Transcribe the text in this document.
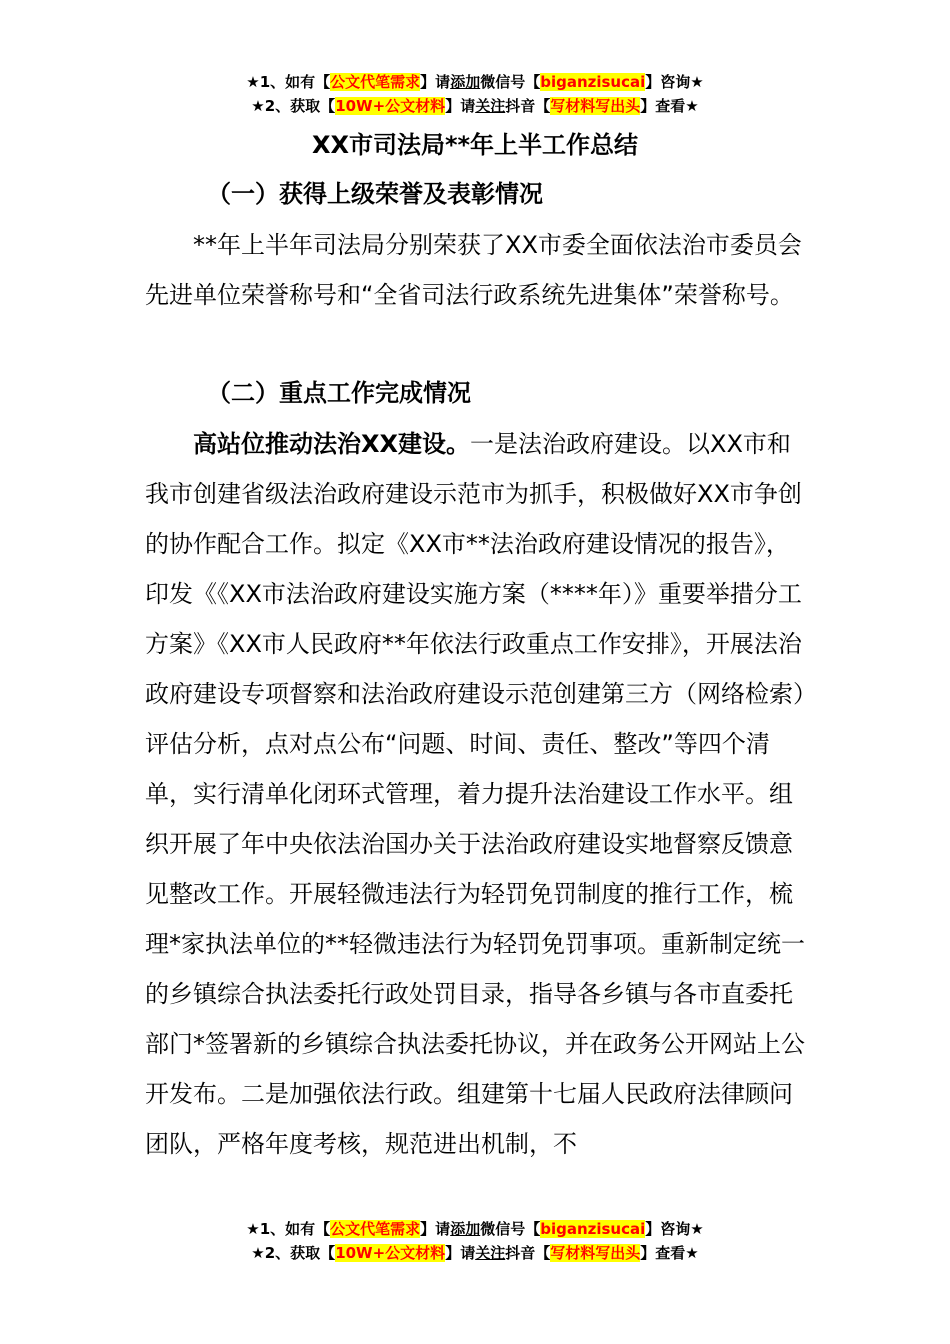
★1、如有【公文代笔需求】请添加微信号【biganzisucai】咨询★
★2、获取【10W+公文材料】请关注抖音【写材料写出头】查看★
XX市司法局**年上半工作总结
（一）获得上级荣誉及表彰情况

**年上半年司法局分别荣获了XX市委全面依法治市委员会先进单位荣誉称号和“全省司法行政系统先进集体”荣誉称号。

（二）重点工作完成情况

高站位推动法治XX建设。一是法治政府建设。以XX市和我市创建省级法治政府建设示范市为抓手，积极做好XX市争创的协作配合工作。拟定《XX市**法治政府建设情况的报告》，印发《《XX市法治政府建设实施方案（****年）》重要举措分工方案》《XX市人民政府**年依法行政重点工作安排》，开展法治政府建设专项督察和法治政府建设示范创建第三方（网络检索）评估分析，点对点公布“问题、时间、责任、整改”等四个清单，实行清单化闭环式管理，着力提升法治建设工作水平。组织开展了年中央依法治国办关于法治政府建设实地督察反馈意见整改工作。开展轻微违法行为轻罚免罚制度的推行工作，梳理*家执法单位的**轻微违法行为轻罚免罚事项。重新制定统一的乡镇综合执法委托行政处罚目录，指导各乡镇与各市直委托部门*签署新的乡镇综合执法委托协议，并在政务公开网站上公开发布。二是加强依法行政。组建第十七届人民政府法律顾问团队，严格年度考核，规范进出机制，不

★1、如有【公文代笔需求】请添加微信号【biganzisucai】咨询★
★2、获取【10W+公文材料】请关注抖音【写材料写出头】查看★
